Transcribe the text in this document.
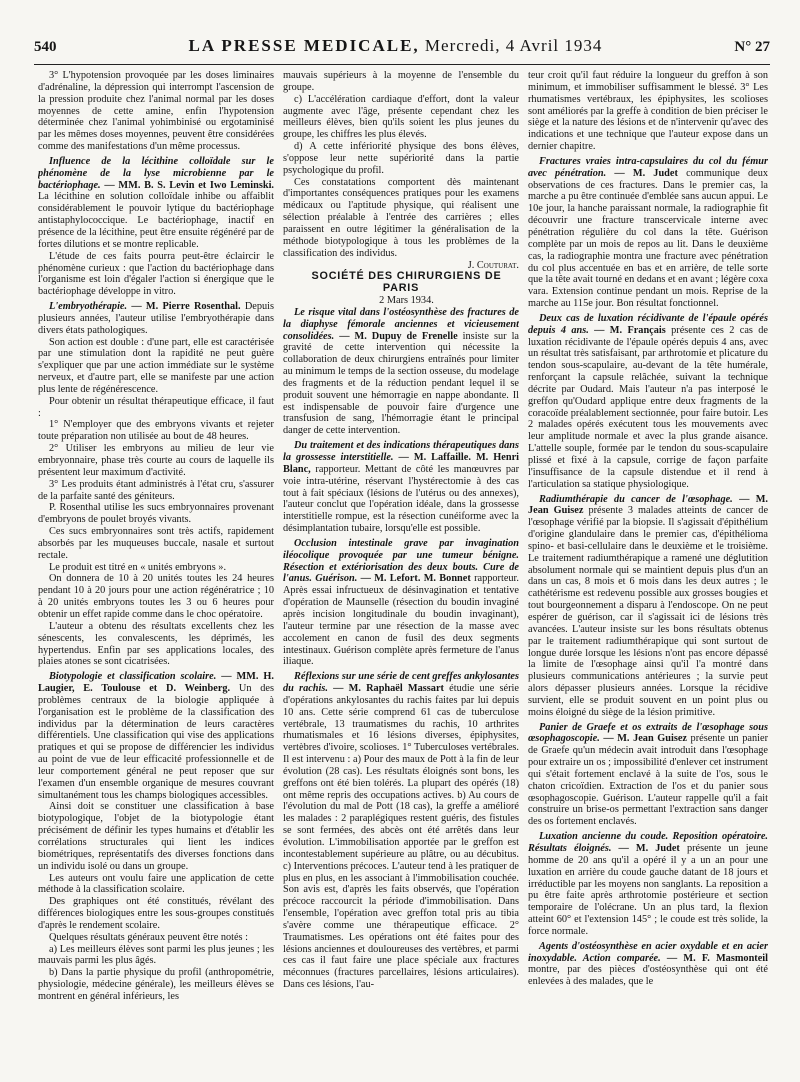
540	LA PRESSE MEDICALE, Mercredi, 4 Avril 1934	N° 27

3° L'hypotension provoquée par les doses liminaires d'adrénaline, la dépression qui interrompt l'ascension de la pression produite chez l'animal normal par les doses moyennes de cette amine, enfin l'hypotension déterminée chez l'animal yohimbinisé ou ergotaminisé par les mêmes doses moyennes, peuvent être considérées comme des manifestations d'un même processus.

Influence de la lécithine colloïdale sur le phénomène de la lyse microbienne par le bactériophage. — MM. B. S. Levin et Iwo Leminski. La lécithine en solution colloïdale inhibe ou affaiblit considérablement le pouvoir lytique du bactériophage antistaphylococcique. Le bactériophage, inactif en présence de la lécithine, peut être ensuite régénéré par de fortes dilutions et se montre replicable.

L'étude de ces faits pourra peut-être éclaircir le phénomène curieux : que l'action du bactériophage dans l'organisme est loin d'égaler l'action si énergique que le bactériophage développe in vitro.

L'embryothérapie. — M. Pierre Rosenthal. Depuis plusieurs années, l'auteur utilise l'embryothérapie dans divers états pathologiques.

Son action est double : d'une part, elle est caractérisée par une stimulation dont la rapidité ne peut guère s'expliquer que par une action immédiate sur le système nerveux, et d'autre part, elle se manifeste par une action plus lente de régénérescence.

Pour obtenir un résultat thérapeutique efficace, il faut :

1° N'employer que des embryons vivants et rejeter toute préparation non utilisée au bout de 48 heures.

2° Utiliser les embryons au milieu de leur vie embryonnaire, phase très courte au cours de laquelle ils présentent leur maximum d'activité.

3° Les produits étant administrés à l'état cru, s'assurer de la parfaite santé des géniteurs.

P. Rosenthal utilise les sucs embryonnaires provenant d'embryons de poulet broyés vivants.

Ces sucs embryonnaires sont très actifs, rapidement absorbés par les muqueuses buccale, nasale et surtout rectale.

Le produit est titré en « unités embryons ».

On donnera de 10 à 20 unités toutes les 24 heures pendant 10 à 20 jours pour une action régénératrice ; 10 à 20 unités embryons toutes les 3 ou 6 heures pour obtenir un effet rapide comme dans le choc opératoire.

L'auteur a obtenu des résultats excellents chez les sénescents, les convalescents, les déprimés, les hypertendus. Enfin par ses applications locales, des plaies atones se sont cicatrisées.

Biotypologie et classification scolaire. — MM. H. Laugier, E. Toulouse et D. Weinberg. Un des problèmes centraux de la biologie appliquée à l'organisation est le problème de la classification des individus par la détermination de leurs caractères différentiels. Une classification qui vise des applications pratiques et qui se propose de différencier les individus au point de vue de leur efficacité professionnelle et de leur comportement général ne peut reposer que sur l'examen d'un ensemble organique de mesures couvrant simultanément tous les champs biologiques accessibles.

Ainsi doit se constituer une classification à base biotypologique, l'objet de la biotypologie étant précisément de définir les types humains et d'établir les corrélations structurales qui lient les indices biométriques, représentatifs des diverses fonctions dans un individu isolé ou dans un groupe.

Les auteurs ont voulu faire une application de cette méthode à la classification scolaire.

Des graphiques ont été constitués, révélant des différences biologiques entre les sous-groupes constitués d'après le rendement scolaire.

Quelques résultats généraux peuvent être notés :

a) Les meilleurs élèves sont parmi les plus jeunes ; les mauvais parmi les plus âgés.

b) Dans la partie physique du profil (anthropométrie, physiologie, médecine générale), les meilleurs élèves se montrent en général inférieurs, les

mauvais supérieurs à la moyenne de l'ensemble du groupe.

c) L'accélération cardiaque d'effort, dont la valeur augmente avec l'âge, présente cependant chez les meilleurs élèves, bien qu'ils soient les plus jeunes du groupe, les chiffres les plus élevés.

d) A cette infériorité physique des bons élèves, s'oppose leur nette supériorité dans la partie psychologique du profil.

Ces constatations comportent dès maintenant d'importantes conséquences pratiques pour les examens médicaux ou l'aptitude physique, qui réalisent une sélection préalable à l'entrée des carrières ; elles paraissent en outre légitimer la généralisation de la méthode biotypologique à tous les problèmes de la classification des individus.

J. Couturat.

SOCIÉTÉ DES CHIRURGIENS DE PARIS

2 Mars 1934.

Le risque vital dans l'ostéosynthèse des fractures de la diaphyse fémorale anciennes et vicieusement consolidées. — M. Dupuy de Frenelle insiste sur la gravité de cette intervention qui nécessite la collaboration de deux chirurgiens entraînés pour limiter au minimum le temps de la section osseuse, du modelage des fragments et de la réduction pendant lequel il se produit souvent une hémorragie en nappe abondante. Il est indispensable de pouvoir faire d'urgence une transfusion de sang, l'hémorragie étant le principal danger de cette intervention.

Du traitement et des indications thérapeutiques dans la grossesse interstitielle. — M. Laffaille. M. Henri Blanc, rapporteur. Mettant de côté les manœuvres par voie intra-utérine, réservant l'hystérectomie à des cas tout à fait spéciaux (lésions de l'utérus ou des annexes), l'auteur conclut que l'opération idéale, dans la grossesse interstitielle rompue, est la résection cunéiforme avec la désimplantation tubaire, lorsqu'elle est possible.

Occlusion intestinale grave par invagination iléocolique provoquée par une tumeur bénigne. Résection et extériorisation des deux bouts. Cure de l'anus. Guérison. — M. Lefort. M. Bonnet rapporteur. Après essai infructueux de désinvagination et tentative d'opération de Maunselle (résection du boudin invaginé après incision longitudinale du boudin invaginant), l'auteur termine par une résection de la masse avec accolement en canon de fusil des deux segments intestinaux. Guérison complète après fermeture de l'anus iliaque.

Réflexions sur une série de cent greffes ankylosantes du rachis. — M. Raphaël Massart étudie une série d'opérations ankylosantes du rachis faites par lui depuis 10 ans. Cette série comprend 61 cas de tuberculose vertébrale, 13 traumatismes du rachis, 10 arthrites rhumatismales et 16 lésions diverses, épiphysites, vertèbres d'ivoire, scolioses. 1° Tuberculoses vertébrales. Il est intervenu : a) Pour des maux de Pott à la fin de leur évolution (28 cas). Les résultats éloignés sont bons, les greffons ont été bien tolérés. La plupart des opérés (18) ont même repris des occupations actives. b) Au cours de l'évolution du mal de Pott (18 cas), la greffe a amélioré les malades : 2 paraplégiques restent guéris, des fistules se sont fermées, des abcès ont été arrêtés dans leur évolution. L'immobilisation apportée par le greffon est incontestablement supérieure au plâtre, ou au décubitus. c) Interventions précoces. L'auteur tend à les pratiquer de plus en plus, en les associant à l'immobilisation couchée. Son avis est, d'après les faits observés, que l'opération précoce raccourcit la période d'immobilisation. Dans l'ensemble, l'opération avec greffon total pris au tibia s'avère comme une thérapeutique efficace. 2° Traumatismes. Les opérations ont été faites pour des lésions anciennes et douloureuses des vertèbres, et parmi ces cas il faut faire une place spéciale aux fractures méconnues (fractures parcellaires, lésions articulaires). Dans ces lésions, l'au-

teur croit qu'il faut réduire la longueur du greffon à son minimum, et immobiliser suffisamment le blessé. 3° Les rhumatismes vertébraux, les épiphysites, les scolioses sont améliorés par la greffe à condition de bien préciser le siège et la nature des lésions et de n'intervenir qu'avec des indications et une technique que l'auteur expose dans un dernier chapitre.

Fractures vraies intra-capsulaires du col du fémur avec pénétration. — M. Judet communique deux observations de ces fractures. Dans le premier cas, la marche a pu être continuée d'emblée sans aucun appui. Le 10e jour, la hanche paraissant normale, la radiographie fit découvrir une fracture transcervicale interne avec pénétration régulière du col dans la tête. Guérison complète par un mois de repos au lit. Dans le deuxième cas, la radiographie montra une fracture avec pénétration du col plus accentuée en bas et en arrière, de telle sorte que la tête avait tourné en dedans et en avant ; légère coxa vara. Extension continue pendant un mois. Reprise de la marche au 115e jour. Bon résultat fonctionnel.

Deux cas de luxation récidivante de l'épaule opérés depuis 4 ans. — M. Français présente ces 2 cas de luxation récidivante de l'épaule opérés depuis 4 ans, avec un résultat très satisfaisant, par arthrotomie et plicature du tendon sous-scapulaire, au-devant de la tête humérale, renforçant la capsule relâchée, suivant la technique décrite par Oudard. Mais l'auteur n'a pas interposé le greffon qu'Oudard applique entre deux fragments de la coracoïde préalablement sectionnée, pour faire butoir. Les 2 malades opérés exécutent tous les mouvements avec leur amplitude normale et avec la plus grande aisance. L'attelle souple, formée par le tendon du sous-scapulaire plissé et fixé à la capsule, corrige de façon parfaite l'insuffisance de la capsule distendue et il rend à l'articulation sa statique physiologique.

Radiumthérapie du cancer de l'œsophage. — M. Jean Guisez présente 3 malades atteints de cancer de l'œsophage vérifié par la biopsie. Il s'agissait d'épithélium d'origine glandulaire dans le premier cas, d'épithélioma spino- et basi-cellulaire dans le deuxième et le troisième. Le traitement radiumthérapique a ramené une déglutition absolument normale qui se maintient depuis plus d'un an dans un cas, 8 mois et 6 mois dans les deux autres ; le cathétérisme est redevenu possible aux grosses bougies et tout bourgeonnement a disparu à l'endoscope. On ne peut espérer de guérison, car il s'agissait ici de lésions très avancées. L'auteur insiste sur les bons résultats obtenus par le traitement radiumthérapique qui sont surtout de longue durée lorsque les lésions n'ont pas encore dépassé la limite de l'œsophage ainsi qu'il l'a montré dans plusieurs communications antérieures ; la survie peut alors dépasser plusieurs années. Lorsque la récidive survient, elle se produit souvent en un point plus ou moins éloigné du siège de la lésion primitive.

Panier de Graefe et os extraits de l'œsophage sous œsophagoscopie. — M. Jean Guisez présente un panier de Graefe qu'un médecin avait introduit dans l'œsophage pour extraire un os ; impossibilité d'enlever cet instrument qui s'était fortement enclavé à la suite de l'os, sous le chaton cricoïdien. Extraction de l'os et du panier sous œsophagoscopie. Guérison. L'auteur rappelle qu'il a fait construire un brise-os permettant l'extraction sans danger des os fortement enclavés.

Luxation ancienne du coude. Reposition opératoire. Résultats éloignés. — M. Judet présente un jeune homme de 20 ans qu'il a opéré il y a un an pour une luxation en arrière du coude gauche datant de 18 jours et irréductible par les moyens non sanglants. La reposition a pu être faite après arthrotomie postérieure et section temporaire de l'olécrane. Un an plus tard, la flexion atteint 60° et l'extension 145° ; le coude est très solide, la force normale.

Agents d'ostéosynthèse en acier oxydable et en acier inoxydable. Action comparée. — M. F. Masmonteil montre, par des pièces d'ostéosynthèse qui ont été enlevées à des malades, que le
